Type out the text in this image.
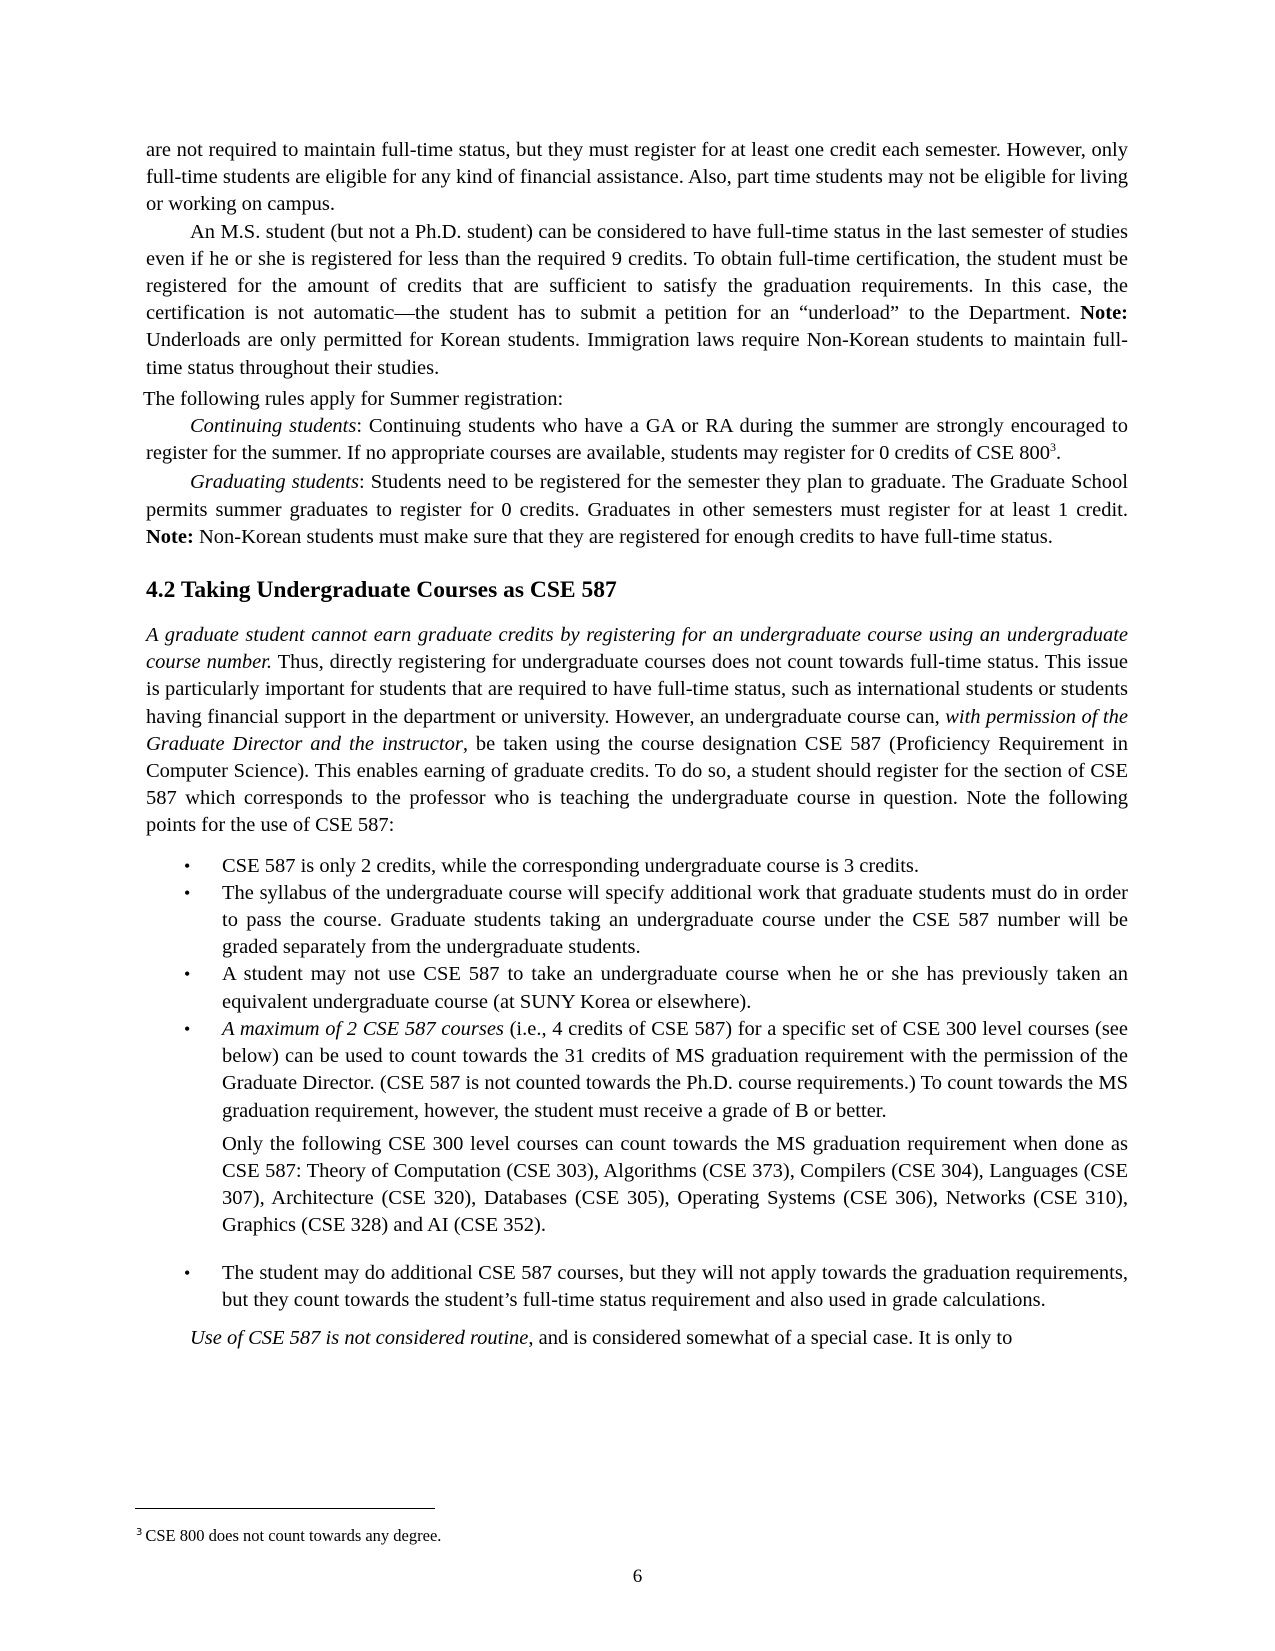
are not required to maintain full-time status, but they must register for at least one credit each semester. However, only full-time students are eligible for any kind of financial assistance. Also, part time students may not be eligible for living or working on campus.

An M.S. student (but not a Ph.D. student) can be considered to have full-time status in the last semester of studies even if he or she is registered for less than the required 9 credits. To obtain full-time certification, the student must be registered for the amount of credits that are sufficient to satisfy the graduation requirements. In this case, the certification is not automatic—the student has to submit a petition for an “underload” to the Department. Note: Underloads are only permitted for Korean students. Immigration laws require Non-Korean students to maintain full-time status throughout their studies.

The following rules apply for Summer registration:

Continuing students: Continuing students who have a GA or RA during the summer are strongly encouraged to register for the summer. If no appropriate courses are available, students may register for 0 credits of CSE $800^3$.

Graduating students: Students need to be registered for the semester they plan to graduate. The Graduate School permits summer graduates to register for 0 credits. Graduates in other semesters must register for at least 1 credit. Note: Non-Korean students must make sure that they are registered for enough credits to have full-time status.

4.2 Taking Undergraduate Courses as CSE 587

A graduate student cannot earn graduate credits by registering for an undergraduate course using an undergraduate course number. Thus, directly registering for undergraduate courses does not count towards full-time status. This issue is particularly important for students that are required to have full-time status, such as international students or students having financial support in the department or university. However, an undergraduate course can, with permission of the Graduate Director and the instructor, be taken using the course designation CSE 587 (Proficiency Requirement in Computer Science). This enables earning of graduate credits. To do so, a student should register for the section of CSE 587 which corresponds to the professor who is teaching the undergraduate course in question. Note the following points for the use of CSE 587:

• CSE 587 is only 2 credits, while the corresponding undergraduate course is 3 credits.
• The syllabus of the undergraduate course will specify additional work that graduate students must do in order to pass the course. Graduate students taking an undergraduate course under the CSE 587 number will be graded separately from the undergraduate students.
• A student may not use CSE 587 to take an undergraduate course when he or she has previously taken an equivalent undergraduate course (at SUNY Korea or elsewhere).
• A maximum of 2 CSE 587 courses (i.e., 4 credits of CSE 587) for a specific set of CSE 300 level courses (see below) can be used to count towards the 31 credits of MS graduation requirement with the permission of the Graduate Director. (CSE 587 is not counted towards the Ph.D. course requirements.) To count towards the MS graduation requirement, however, the student must receive a grade of B or better.

Only the following CSE 300 level courses can count towards the MS graduation requirement when done as CSE 587: Theory of Computation (CSE 303), Algorithms (CSE 373), Compilers (CSE 304), Languages (CSE 307), Architecture (CSE 320), Databases (CSE 305), Operating Systems (CSE 306), Networks (CSE 310), Graphics (CSE 328) and AI (CSE 352).

• The student may do additional CSE 587 courses, but they will not apply towards the graduation requirements, but they count towards the student’s full-time status requirement and also used in grade calculations.

Use of CSE 587 is not considered routine, and is considered somewhat of a special case. It is only to

$^3$ CSE 800 does not count towards any degree.
6
